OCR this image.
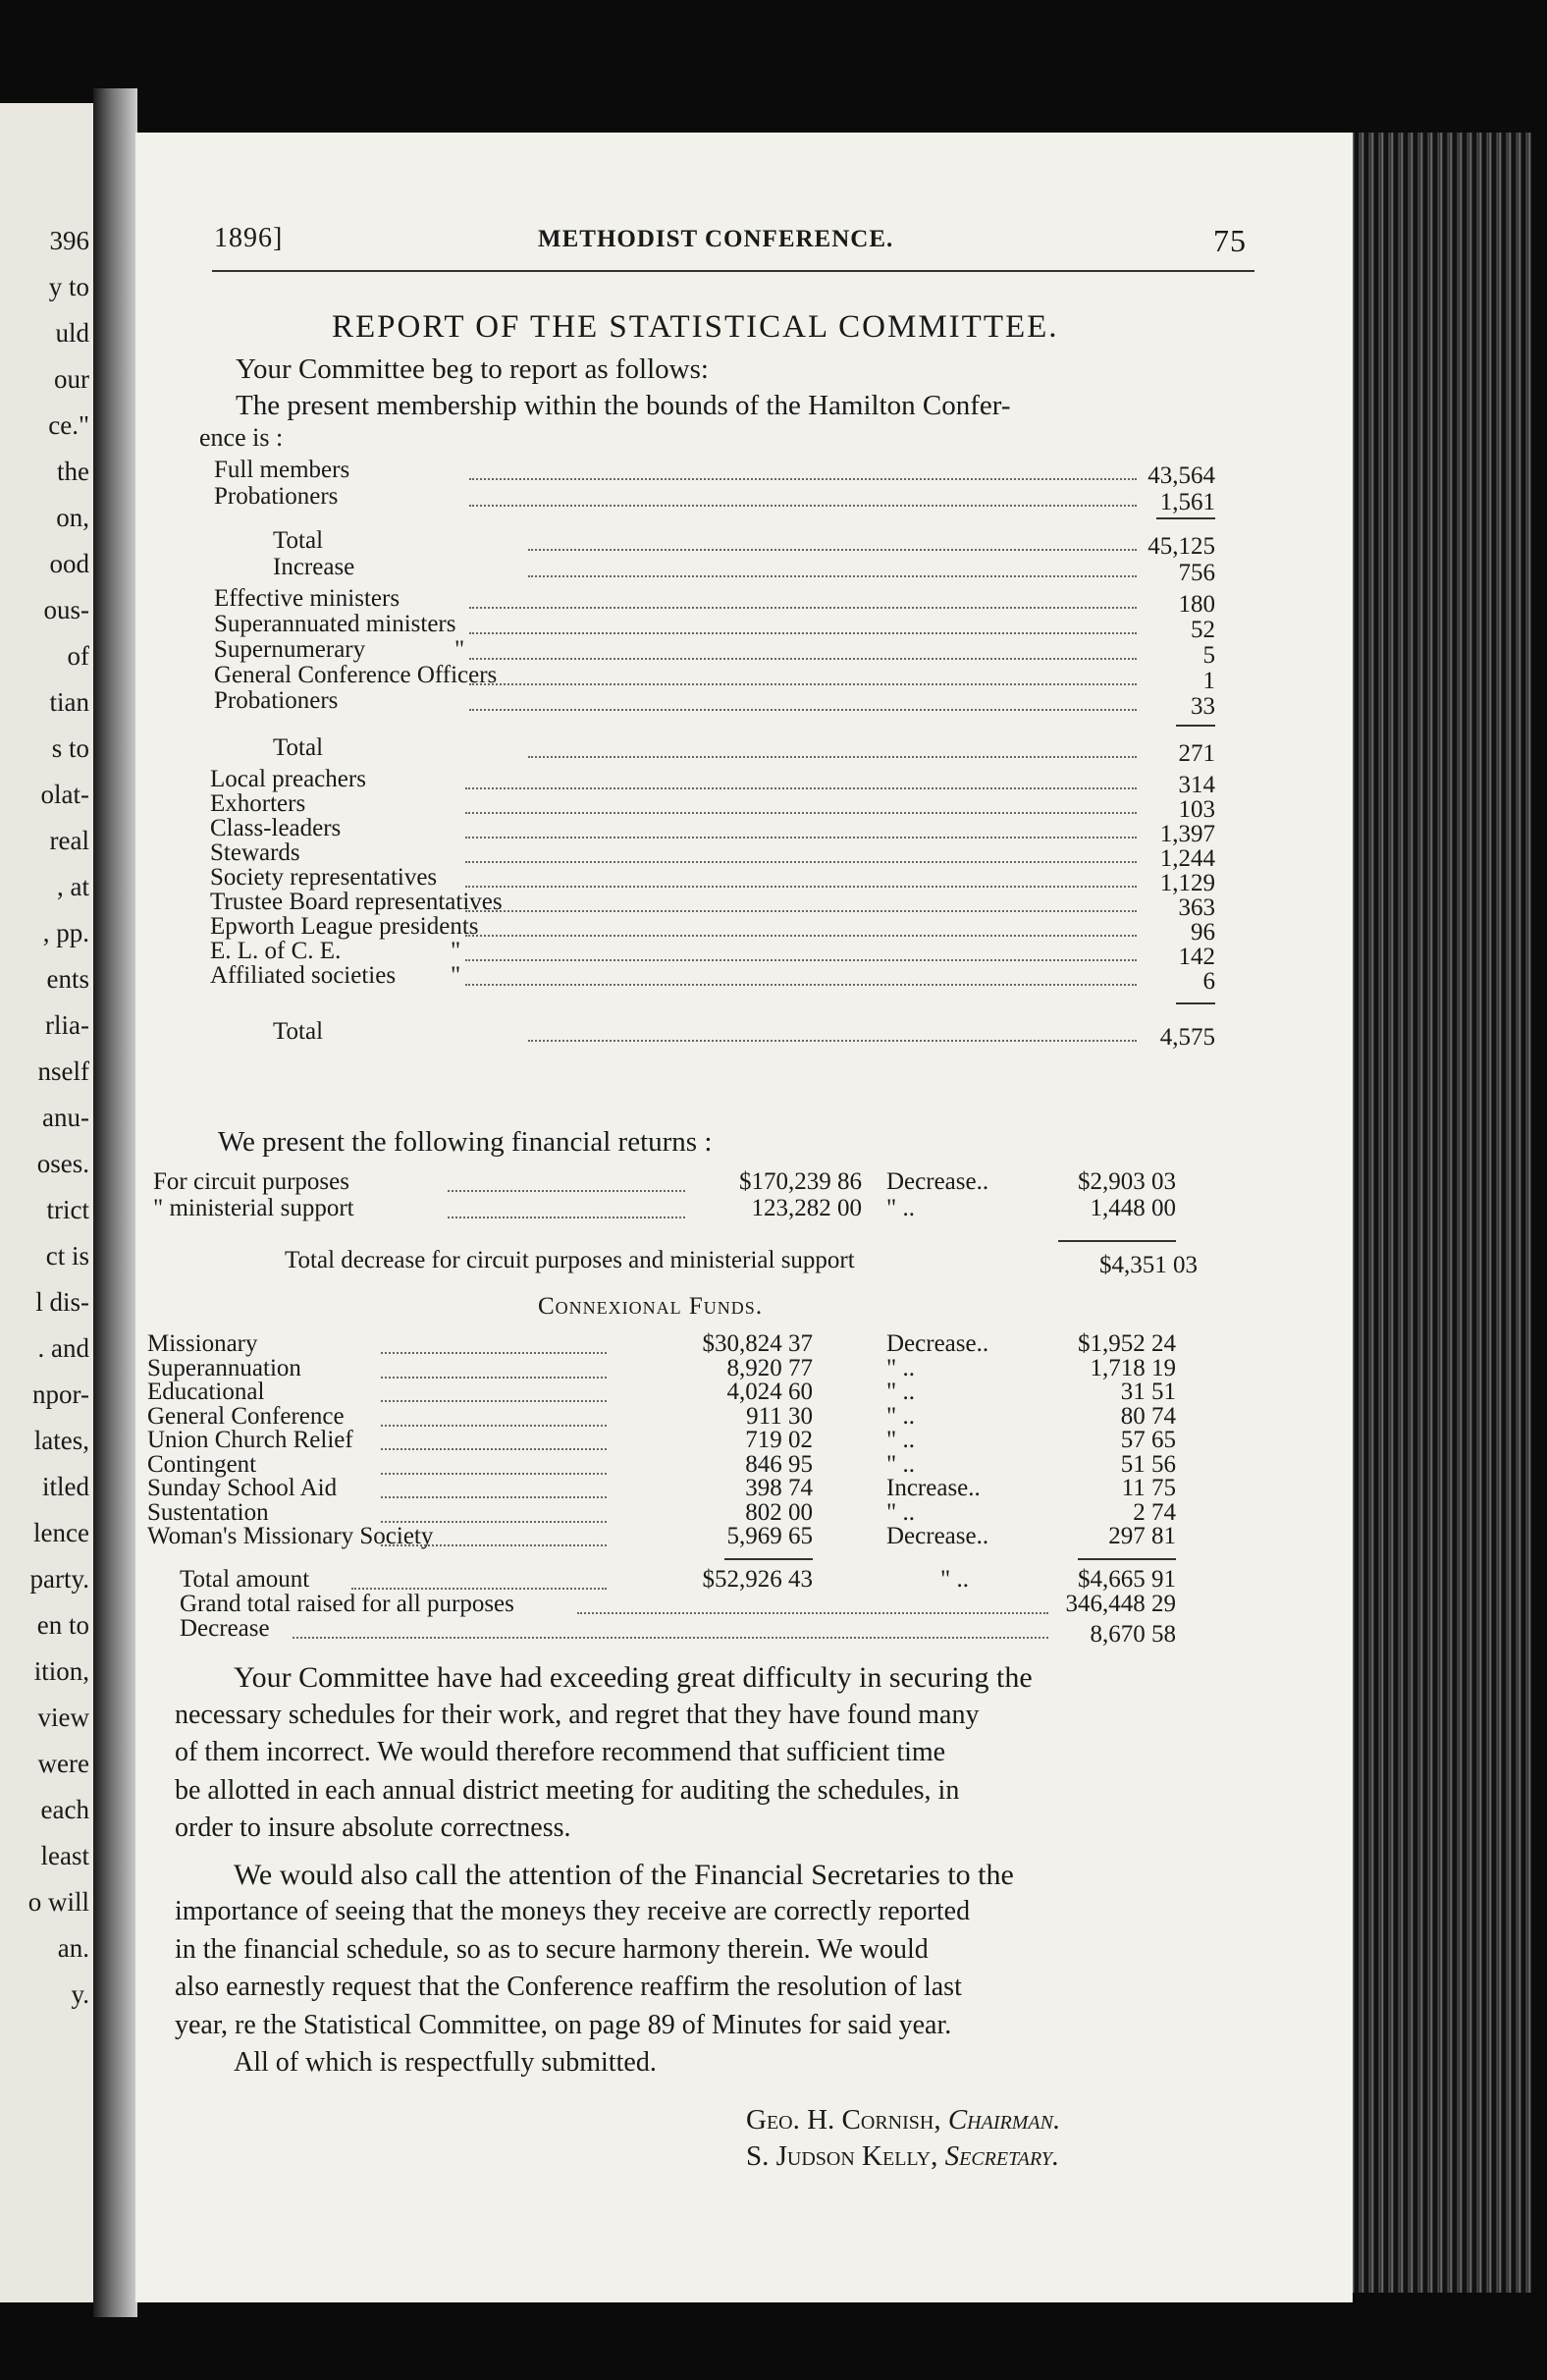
396
y to
uld
our
ce."
the
on,
ood
ous-
of
tian
s to
olat-
real
, at
, pp.
ents
rlia-
nself
anu-
oses.
trict
ct is
l dis-
. and
npor-
lates,
itled
lence
party.
en to
ition,
view
were
each
least
o will
an.
y.
1896]	METHODIST CONFERENCE.	75
REPORT OF THE STATISTICAL COMMITTEE.
Your Committee beg to report as follows:
The present membership within the bounds of the Hamilton Confer-
ence is :
Full members	43,564
Probationers	1,561
Total	45,125
Increase	756
Effective ministers	180
Superannuated ministers	52
Supernumerary	"	5
General Conference Officers	1
Probationers	33
Total	271
Local preachers	314
Exhorters	103
Class-leaders	1,397
Stewards	1,244
Society representatives	1,129
Trustee Board representatives	363
Epworth League presidents	96
E. L. of C. E.	"	142
Affiliated societies "	6
Total	4,575
We present the following financial returns :
For circuit purposes	$170,239 86 Decrease..	$2,903 03
" ministerial support	123,282 00 " ..	1,448 00
Total decrease for circuit purposes and ministerial support	$4,351 03
Connexional Funds.
Missionary	$30,824 37	Decrease..	$1,952 24
Superannuation	8,920 77	" ..	1,718 19
Educational	4,024 60	" ..	31 51
General Conference	911 30	" ..	80 74
Union Church Relief	719 02	" ..	57 65
Contingent	846 95	" ..	51 56
Sunday School Aid	398 74	Increase..	11 75
Sustentation	802 00	" ..	2 74
Woman's Missionary Society	5,969 65	Decrease..	297 81
Total amount	$52,926 43	" ..	$4,665 91
Grand total raised for all purposes	346,448 29
Decrease	8,670 58
Your Committee have had exceeding great difficulty in securing the
necessary schedules for their work, and regret that they have found many
of them incorrect. We would therefore recommend that sufficient time
be allotted in each annual district meeting for auditing the schedules, in
order to insure absolute correctness.
We would also call the attention of the Financial Secretaries to the
importance of seeing that the moneys they receive are correctly reported
in the financial schedule, so as to secure harmony therein. We would
also earnestly request that the Conference reaffirm the resolution of last
year, re the Statistical Committee, on page 89 of Minutes for said year.
All of which is respectfully submitted.
Geo. H. Cornish, Chairman.
S. Judson Kelly, Secretary.
